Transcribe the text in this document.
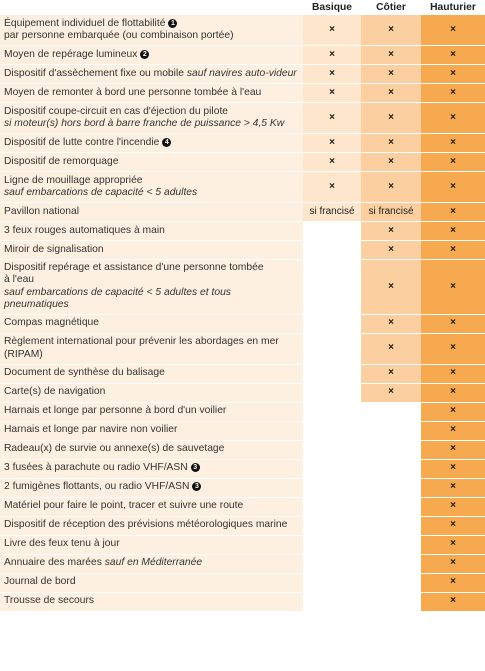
	Basique	Côtier	Hauturier
Équipement individuel de flottabilité 1
par personne embarquée (ou combinaison portée)	×	×	×
Moyen de repérage lumineux 2	×	×	×
Dispositif d'assèchement fixe ou mobile sauf navires auto-videur	×	×	×
Moyen de remonter à bord une personne tombée à l'eau	×	×	×
Dispositif coupe-circuit en cas d'éjection du pilote
si moteur(s) hors bord à barre franche de puissance > 4,5 Kw	×	×	×
Dispositif de lutte contre l'incendie 4	×	×	×
Dispositif de remorquage	×	×	×
Ligne de mouillage appropriée
sauf embarcations de capacité < 5 adultes	×	×	×
Pavillon national	si francisé	si francisé	×
3 feux rouges automatiques à main		×	×
Miroir de signalisation		×	×
Dispositif repérage et assistance d'une personne tombée
à l'eau
sauf embarcations de capacité < 5 adultes et tous pneumatiques		×	×
Compas magnétique		×	×
Règlement international pour prévenir les abordages en mer
(RIPAM)		×	×
Document de synthèse du balisage		×	×
Carte(s) de navigation		×	×
Harnais et longe par personne à bord d'un voilier			×
Harnais et longe par navire non voilier			×
Radeau(x) de survie ou annexe(s) de sauvetage			×
3 fusées à parachute ou radio VHF/ASN 3			×
2 fumigènes flottants, ou radio VHF/ASN 3			×
Matériel pour faire le point, tracer et suivre une route			×
Dispositif de réception des prévisions météorologiques marine			×
Livre des feux tenu à jour			×
Annuaire des marées sauf en Méditerranée			×
Journal de bord			×
Trousse de secours			×
